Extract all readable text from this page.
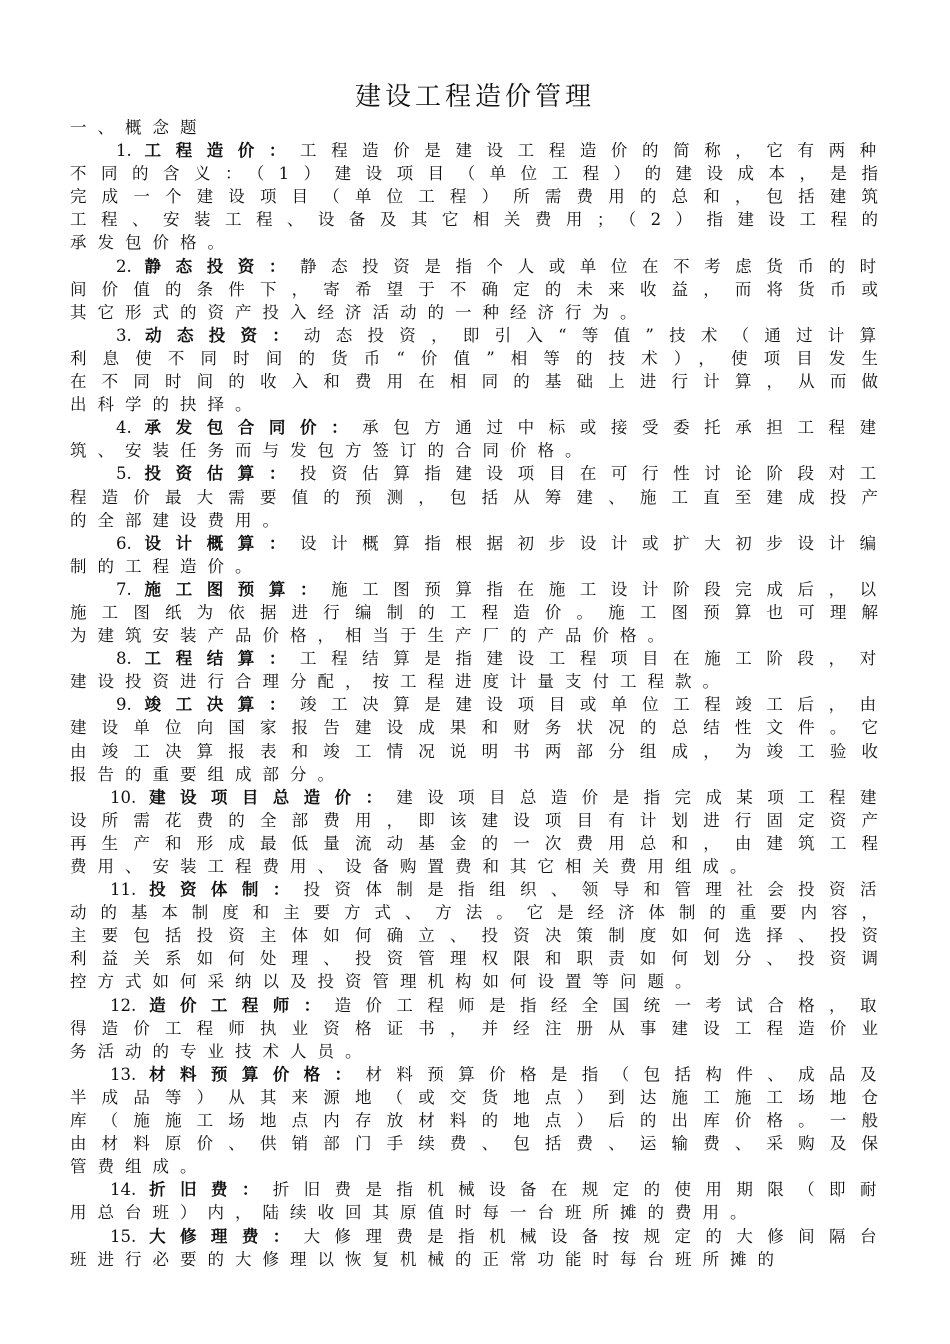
建设工程造价管理
一、概念题
1.工程造价：工程造价是建设工程造价的简称，它有两种
不同的含义：（1）建设项目（单位工程）的建设成本，是指
完成一个建设项目（单位工程）所需费用的总和，包括建筑
工程、安装工程、设备及其它相关费用；（2）指建设工程的
承发包价格。
2.静态投资：静态投资是指个人或单位在不考虑货币的时
间价值的条件下，寄希望于不确定的未来收益，而将货币或
其它形式的资产投入经济活动的一种经济行为。
3.动态投资：动态投资，即引入“等值”技术（通过计算
利息使不同时间的货币“价值”相等的技术），使项目发生
在不同时间的收入和费用在相同的基础上进行计算，从而做
出科学的抉择。
4.承发包合同价：承包方通过中标或接受委托承担工程建
筑、安装任务而与发包方签订的合同价格。
5.投资估算：投资估算指建设项目在可行性讨论阶段对工
程造价最大需要值的预测，包括从筹建、施工直至建成投产
的全部建设费用。
6.设计概算：设计概算指根据初步设计或扩大初步设计编
制的工程造价。
7.施工图预算：施工图预算指在施工设计阶段完成后，以
施工图纸为依据进行编制的工程造价。施工图预算也可理解
为建筑安装产品价格，相当于生产厂的产品价格。
8.工程结算：工程结算是指建设工程项目在施工阶段，对
建设投资进行合理分配，按工程进度计量支付工程款。
9.竣工决算：竣工决算是建设项目或单位工程竣工后，由
建设单位向国家报告建设成果和财务状况的总结性文件。它
由竣工决算报表和竣工情况说明书两部分组成，为竣工验收
报告的重要组成部分。
10.建设项目总造价：建设项目总造价是指完成某项工程建
设所需花费的全部费用，即该建设项目有计划进行固定资产
再生产和形成最低量流动基金的一次费用总和，由建筑工程
费用、安装工程费用、设备购置费和其它相关费用组成。
11.投资体制：投资体制是指组织、领导和管理社会投资活
动的基本制度和主要方式、方法。它是经济体制的重要内容，
主要包括投资主体如何确立、投资决策制度如何选择、投资
利益关系如何处理、投资管理权限和职责如何划分、投资调
控方式如何采纳以及投资管理机构如何设置等问题。
12.造价工程师：造价工程师是指经全国统一考试合格，取
得造价工程师执业资格证书，并经注册从事建设工程造价业
务活动的专业技术人员。
13.材料预算价格：材料预算价格是指（包括构件、成品及
半成品等）从其来源地（或交货地点）到达施工施工场地仓
库（施施工场地点内存放材料的地点）后的出库价格。一般
由材料原价、供销部门手续费、包括费、运输费、采购及保
管费组成。
14.折旧费：折旧费是指机械设备在规定的使用期限（即耐
用总台班）内，陆续收回其原值时每一台班所摊的费用。
15.大修理费：大修理费是指机械设备按规定的大修间隔台
班进行必要的大修理以恢复机械的正常功能时每台班所摊的
